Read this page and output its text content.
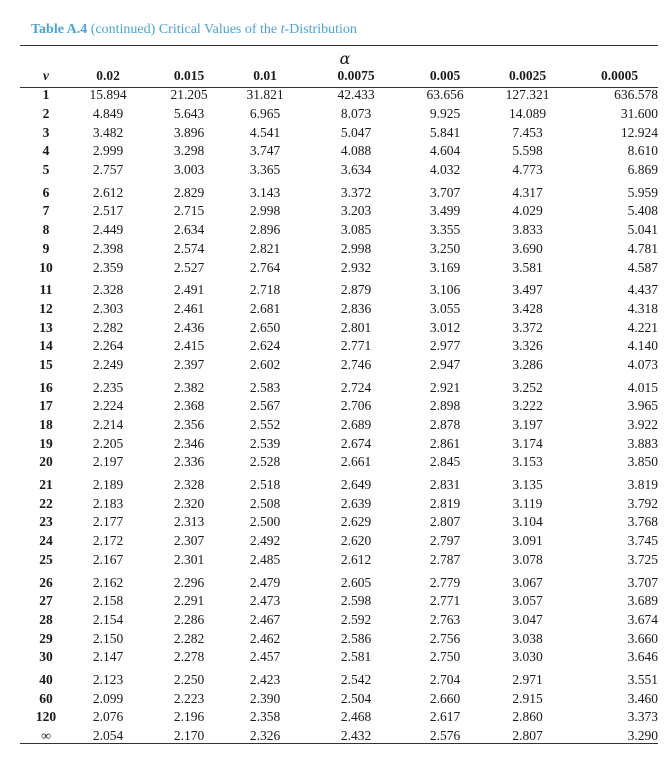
Table A.4 (continued) Critical Values of the t-Distribution
α
v	0.02	0.015	0.01	0.0075	0.005	0.0025	0.0005
1	15.894	21.205	31.821	42.433	63.656	127.321	636.578
2	4.849	5.643	6.965	8.073	9.925	14.089	31.600
3	3.482	3.896	4.541	5.047	5.841	7.453	12.924
4	2.999	3.298	3.747	4.088	4.604	5.598	8.610
5	2.757	3.003	3.365	3.634	4.032	4.773	6.869
6	2.612	2.829	3.143	3.372	3.707	4.317	5.959
7	2.517	2.715	2.998	3.203	3.499	4.029	5.408
8	2.449	2.634	2.896	3.085	3.355	3.833	5.041
9	2.398	2.574	2.821	2.998	3.250	3.690	4.781
10	2.359	2.527	2.764	2.932	3.169	3.581	4.587
11	2.328	2.491	2.718	2.879	3.106	3.497	4.437
12	2.303	2.461	2.681	2.836	3.055	3.428	4.318
13	2.282	2.436	2.650	2.801	3.012	3.372	4.221
14	2.264	2.415	2.624	2.771	2.977	3.326	4.140
15	2.249	2.397	2.602	2.746	2.947	3.286	4.073
16	2.235	2.382	2.583	2.724	2.921	3.252	4.015
17	2.224	2.368	2.567	2.706	2.898	3.222	3.965
18	2.214	2.356	2.552	2.689	2.878	3.197	3.922
19	2.205	2.346	2.539	2.674	2.861	3.174	3.883
20	2.197	2.336	2.528	2.661	2.845	3.153	3.850
21	2.189	2.328	2.518	2.649	2.831	3.135	3.819
22	2.183	2.320	2.508	2.639	2.819	3.119	3.792
23	2.177	2.313	2.500	2.629	2.807	3.104	3.768
24	2.172	2.307	2.492	2.620	2.797	3.091	3.745
25	2.167	2.301	2.485	2.612	2.787	3.078	3.725
26	2.162	2.296	2.479	2.605	2.779	3.067	3.707
27	2.158	2.291	2.473	2.598	2.771	3.057	3.689
28	2.154	2.286	2.467	2.592	2.763	3.047	3.674
29	2.150	2.282	2.462	2.586	2.756	3.038	3.660
30	2.147	2.278	2.457	2.581	2.750	3.030	3.646
40	2.123	2.250	2.423	2.542	2.704	2.971	3.551
60	2.099	2.223	2.390	2.504	2.660	2.915	3.460
120	2.076	2.196	2.358	2.468	2.617	2.860	3.373
∞	2.054	2.170	2.326	2.432	2.576	2.807	3.290
